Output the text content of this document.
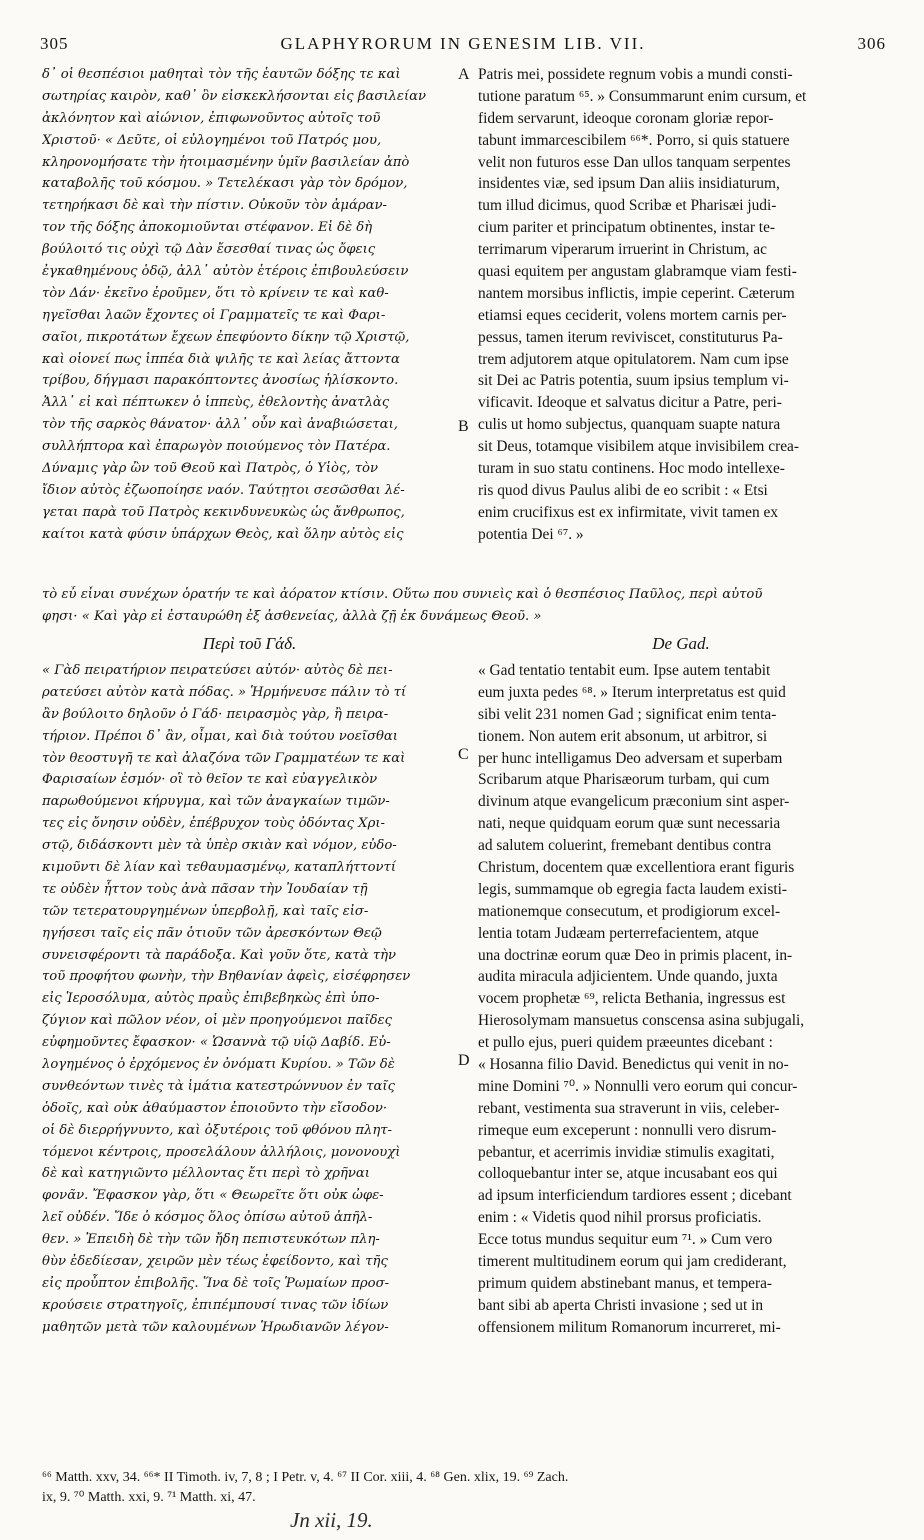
305	GLAPHYRORUM IN GENESIM LIB. VII.	306
δ᾽ οἱ θεσπέσιοι μαθηταὶ τὸν τῆς ἑαυτῶν δόξης τε καὶ
σωτηρίας καιρὸν, καθ᾽ ὃν εἰσκεκλήσονται εἰς βασιλείαν
ἀκλόνητον καὶ αἰώνιον, ἐπιφωνοῦντος αὐτοῖς τοῦ
Χριστοῦ· « Δεῦτε, οἱ εὐλογημένοι τοῦ Πατρός μου,
κληρονομήσατε τὴν ἡτοιμασμένην ὑμῖν βασιλείαν ἀπὸ
καταβολῆς τοῦ κόσμου. » Τετελέκασι γὰρ τὸν δρόμον,
τετηρήκασι δὲ καὶ τὴν πίστιν. Οὐκοῦν τὸν ἀμάραν-
τον τῆς δόξης ἀποκομιοῦνται στέφανον. Εἰ δὲ δὴ
βούλοιτό τις οὐχὶ τῷ Δὰν ἔσεσθαί τινας ὡς ὄφεις
ἐγκαθημένους ὁδῷ, ἀλλ᾽ αὐτὸν ἑτέροις ἐπιβουλεύσειν
τὸν Δάν· ἐκεῖνο ἐροῦμεν, ὅτι τὸ κρίνειν τε καὶ καθ-
ηγεῖσθαι λαῶν ἔχοντες οἱ Γραμματεῖς τε καὶ Φαρι-
σαῖοι, πικροτάτων ἔχεων ἐπεφύοντο δίκην τῷ Χριστῷ,
καὶ οἱονεί πως ἱππέα διὰ ψιλῆς τε καὶ λείας ἄττοντα
τρίβου, δήγμασι παρακόπτοντες ἀνοσίως ἡλίσκοντο.
Ἀλλ᾽ εἰ καὶ πέπτωκεν ὁ ἱππεὺς, ἐθελοντὴς ἀνατλὰς
τὸν τῆς σαρκὸς θάνατον· ἀλλ᾽ οὖν καὶ ἀναβιώσεται,
συλλήπτορα καὶ ἐπαρωγὸν ποιούμενος τὸν Πατέρα.
Δύναμις γὰρ ὢν τοῦ Θεοῦ καὶ Πατρὸς, ὁ Υἱὸς, τὸν
ἴδιον αὐτὸς ἐζωοποίησε ναόν. Ταύτῃτοι σεσῶσθαι λέ-
γεται παρὰ τοῦ Πατρὸς κεκινδυνευκὼς ὡς ἄνθρωπος,
καίτοι κατὰ φύσιν ὑπάρχων Θεὸς, καὶ ὅλην αὐτὸς εἰς
Patris mei, possidete regnum vobis a mundi consti-
tutione paratum ⁶⁵. » Consummarunt enim cursum, et
fidem servarunt, ideoque coronam gloriæ repor-
tabunt immarcescibilem ⁶⁶*. Porro, si quis statuere
velit non futuros esse Dan ullos tanquam serpentes
insidentes viæ, sed ipsum Dan aliis insidiaturum,
tum illud dicimus, quod Scribæ et Pharisæi judi-
cium pariter et principatum obtinentes, instar te-
terrimarum viperarum irruerint in Christum, ac
quasi equitem per angustam glabramque viam festi-
nantem morsibus inflictis, impie ceperint. Cæterum
etiamsi eques ceciderit, volens mortem carnis per-
pessus, tamen iterum reviviscet, constituturus Pa-
trem adjutorem atque opitulatorem. Nam cum ipse
sit Dei ac Patris potentia, suum ipsius templum vi-
vificavit. Ideoque et salvatus dicitur a Patre, peri-
culis ut homo subjectus, quanquam suapte natura
sit Deus, totamque visibilem atque invisibilem crea-
turam in suo statu continens. Hoc modo intellexe-
ris quod divus Paulus alibi de eo scribit : « Etsi
enim crucifixus est ex infirmitate, vivit tamen ex
potentia Dei ⁶⁷. »
A
B
C
D
τὸ εὖ εἶναι συνέχων ὁρατήν τε καὶ ἀόρατον κτίσιν. Οὕτω που συνιεὶς καὶ ὁ θεσπέσιος Παῦλος, περὶ αὐτοῦ
φησι· « Καὶ γὰρ εἰ ἐσταυρώθη ἐξ ἀσθενείας, ἀλλὰ ζῇ ἐκ δυνάμεως Θεοῦ. »
Περὶ τοῦ Γάδ.	De Gad.
« Γὰδ πειρατήριον πειρατεύσει αὐτόν· αὐτὸς δὲ πει-
ρατεύσει αὐτὸν κατὰ πόδας. » Ἡρμήνευσε πάλιν τὸ τί
ἂν βούλοιτο δηλοῦν ὁ Γάδ· πειρασμὸς γὰρ, ἢ πειρα-
τήριον. Πρέποι δ᾽ ἂν, οἶμαι, καὶ διὰ τούτου νοεῖσθαι
τὸν θεοστυγῆ τε καὶ ἀλαζόνα τῶν Γραμματέων τε καὶ
Φαρισαίων ἐσμόν· οἳ τὸ θεῖον τε καὶ εὐαγγελικὸν
παρωθούμενοι κήρυγμα, καὶ τῶν ἀναγκαίων τιμῶν-
τες εἰς ὄνησιν οὐδὲν, ἐπέβρυχον τοὺς ὀδόντας Χρι-
στῷ, διδάσκοντι μὲν τὰ ὑπὲρ σκιὰν καὶ νόμον, εὐδο-
κιμοῦντι δὲ λίαν καὶ τεθαυμασμένῳ, καταπλήττοντί
τε οὐδὲν ἧττον τοὺς ἀνὰ πᾶσαν τὴν Ἰουδαίαν τῇ
τῶν τετερατουργημένων ὑπερβολῇ, καὶ ταῖς εἰσ-
ηγήσεσι ταῖς εἰς πᾶν ὁτιοῦν τῶν ἀρεσκόντων Θεῷ
συνεισφέροντι τὰ παράδοξα. Καὶ γοῦν ὅτε, κατὰ τὴν
τοῦ προφήτου φωνὴν, τὴν Βηθανίαν ἀφεὶς, εἰσέφρησεν
εἰς Ἱεροσόλυμα, αὐτὸς πραῢς ἐπιβεβηκὼς ἐπὶ ὑπο-
ζύγιον καὶ πῶλον νέον, οἱ μὲν προηγούμενοι παῖδες
εὐφημοῦντες ἔφασκον· « Ὡσαννὰ τῷ υἱῷ Δαβίδ. Εὐ-
λογημένος ὁ ἐρχόμενος ἐν ὀνόματι Κυρίου. » Τῶν δὲ
συνθεόντων τινὲς τὰ ἱμάτια κατεστρώννυον ἐν ταῖς
ὁδοῖς, καὶ οὐκ ἀθαύμαστον ἐποιοῦντο τὴν εἴσοδον·
οἱ δὲ διερρήγνυντο, καὶ ὀξυτέροις τοῦ φθόνου πλητ-
τόμενοι κέντροις, προσελάλουν ἀλλήλοις, μονονουχὶ
δὲ καὶ κατηγιῶντο μέλλοντας ἔτι περὶ τὸ χρῆναι
φονᾶν. Ἔφασκον γὰρ, ὅτι « Θεωρεῖτε ὅτι οὐκ ὠφε-
λεῖ οὐδέν. Ἴδε ὁ κόσμος ὅλος ὀπίσω αὐτοῦ ἀπῆλ-
θεν. » Ἐπειδὴ δὲ τὴν τῶν ἤδη πεπιστευκότων πλη-
θὺν ἐδεδίεσαν, χειρῶν μὲν τέως ἐφείδοντο, καὶ τῆς
εἰς προὖπτον ἐπιβολῆς. Ἵνα δὲ τοῖς Ῥωμαίων προσ-
κρούσειε στρατηγοῖς, ἐπιπέμπουσί τινας τῶν ἰδίων
μαθητῶν μετὰ τῶν καλουμένων Ἡρωδιανῶν λέγον-
« Gad tentatio tentabit eum. Ipse autem tentabit
eum juxta pedes ⁶⁸. » Iterum interpretatus est quid
sibi velit 231 nomen Gad ; significat enim tenta-
tionem. Non autem erit absonum, ut arbitror, si
per hunc intelligamus Deo adversam et superbam
Scribarum atque Pharisæorum turbam, qui cum
divinum atque evangelicum præconium sint asper-
nati, neque quidquam eorum quæ sunt necessaria
ad salutem coluerint, fremebant dentibus contra
Christum, docentem quæ excellentiora erant figuris
legis, summamque ob egregia facta laudem existi-
mationemque consecutum, et prodigiorum excel-
lentia totam Judæam perterrefacientem, atque
una doctrinæ eorum quæ Deo in primis placent, in-
audita miracula adjicientem. Unde quando, juxta
vocem prophetæ ⁶⁹, relicta Bethania, ingressus est
Hierosolymam mansuetus conscensa asina subjugali,
et pullo ejus, pueri quidem præeuntes dicebant :
« Hosanna filio David. Benedictus qui venit in no-
mine Domini ⁷⁰. » Nonnulli vero eorum qui concur-
rebant, vestimenta sua straverunt in viis, celeber-
rimeque eum exceperunt : nonnulli vero disrum-
pebantur, et acerrimis invidiæ stimulis exagitati,
colloquebantur inter se, atque incusabant eos qui
ad ipsum interficiendum tardiores essent ; dicebant
enim : « Videtis quod nihil prorsus proficiatis.
Ecce totus mundus sequitur eum ⁷¹. » Cum vero
timerent multitudinem eorum qui jam crediderant,
primum quidem abstinebant manus, et tempera-
bant sibi ab aperta Christi invasione ; sed ut in
offensionem militum Romanorum incurreret, mi-
⁶⁶ Matth. xxv, 34. ⁶⁶* II Timoth. iv, 7, 8 ; I Petr. v, 4. ⁶⁷ II Cor. xiii, 4. ⁶⁸ Gen. xlix, 19. ⁶⁹ Zach.
ix, 9. ⁷⁰ Matth. xxi, 9. ⁷¹ Matth. xi, 47.
Jn xii, 19.
